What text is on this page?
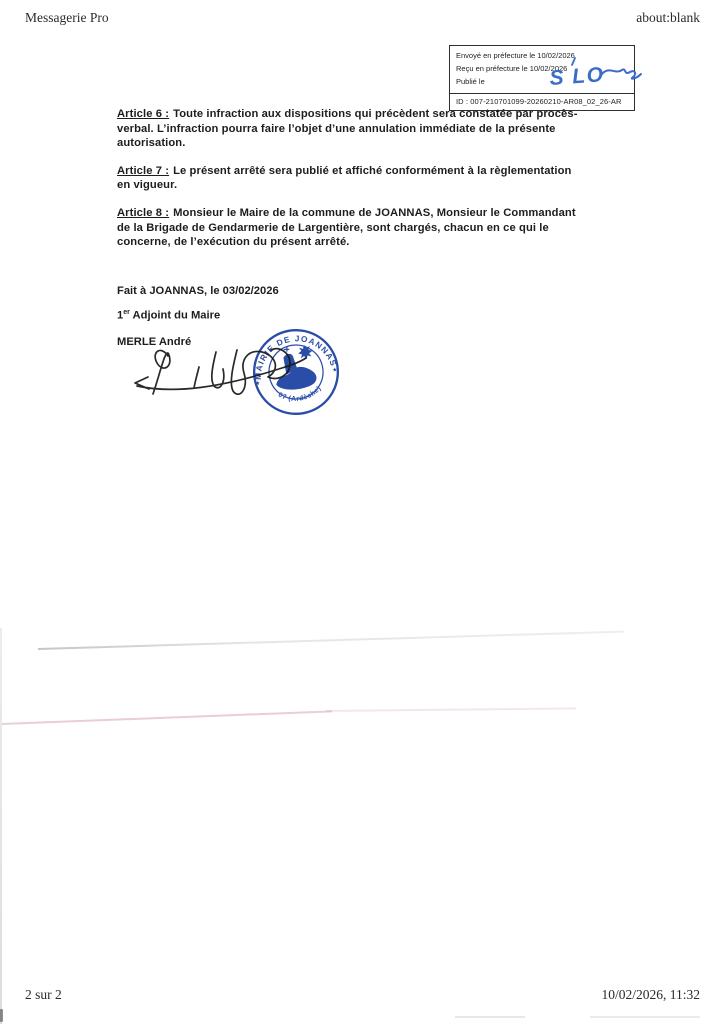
Messagerie Pro	about:blank
Envoyé en préfecture le 10/02/2026
Reçu en préfecture le 10/02/2026
Publié le
ID : 007-210701099-20260210-AR08_02_26-AR
S LO

Article 6 : Toute infraction aux dispositions qui précèdent sera constatée par procès-verbal. L’infraction pourra faire l’objet d’une annulation immédiate de la présente autorisation.

Article 7 : Le présent arrêté sera publié et affiché conformément à la règlementation en vigueur.

Article 8 : Monsieur le Maire de la commune de JOANNAS, Monsieur le Commandant de la Brigade de Gendarmerie de Largentière, sont chargés, chacun en ce qui le concerne, de l’exécution du présent arrêté.

Fait à JOANNAS, le 03/02/2026

1er Adjoint du Maire

MERLE André

MAIRIE DE JOANNAS
07 (Ardèche)
★
★
2 sur 2	10/02/2026, 11:32
